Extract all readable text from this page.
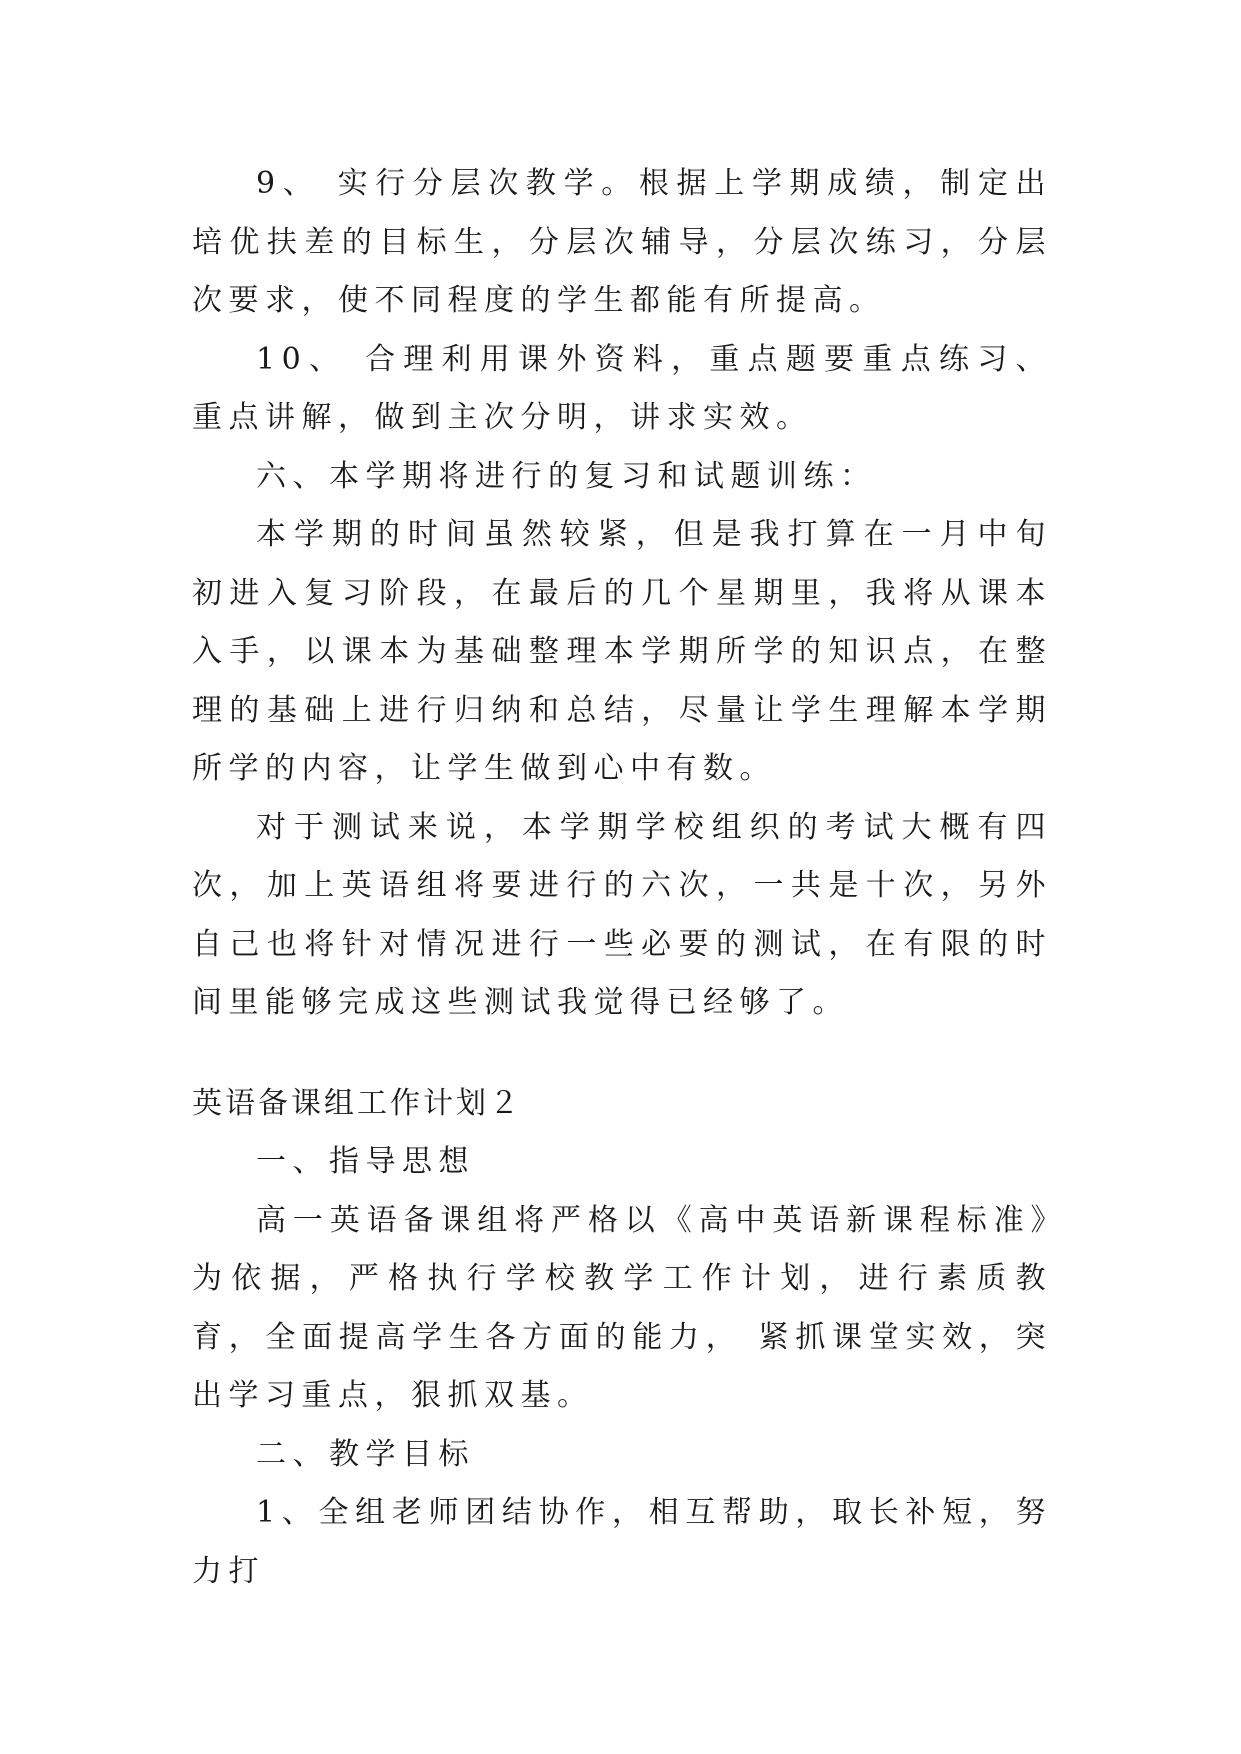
9、 实行分层次教学。根据上学期成绩，制定出培优扶差的目标生，分层次辅导，分层次练习，分层次要求，使不同程度的学生都能有所提高。

10、 合理利用课外资料，重点题要重点练习、重点讲解，做到主次分明，讲求实效。

六、本学期将进行的复习和试题训练：

本学期的时间虽然较紧，但是我打算在一月中旬初进入复习阶段，在最后的几个星期里，我将从课本入手，以课本为基础整理本学期所学的知识点，在整理的基础上进行归纳和总结，尽量让学生理解本学期所学的内容，让学生做到心中有数。

对于测试来说，本学期学校组织的考试大概有四次，加上英语组将要进行的六次，一共是十次，另外自己也将针对情况进行一些必要的测试，在有限的时间里能够完成这些测试我觉得已经够了。

英语备课组工作计划２

一、指导思想

高一英语备课组将严格以《高中英语新课程标准》为依据，严格执行学校教学工作计划，进行素质教育，全面提高学生各方面的能力， 紧抓课堂实效，突出学习重点，狠抓双基。

二、教学目标

1、全组老师团结协作，相互帮助，取长补短，努力打
